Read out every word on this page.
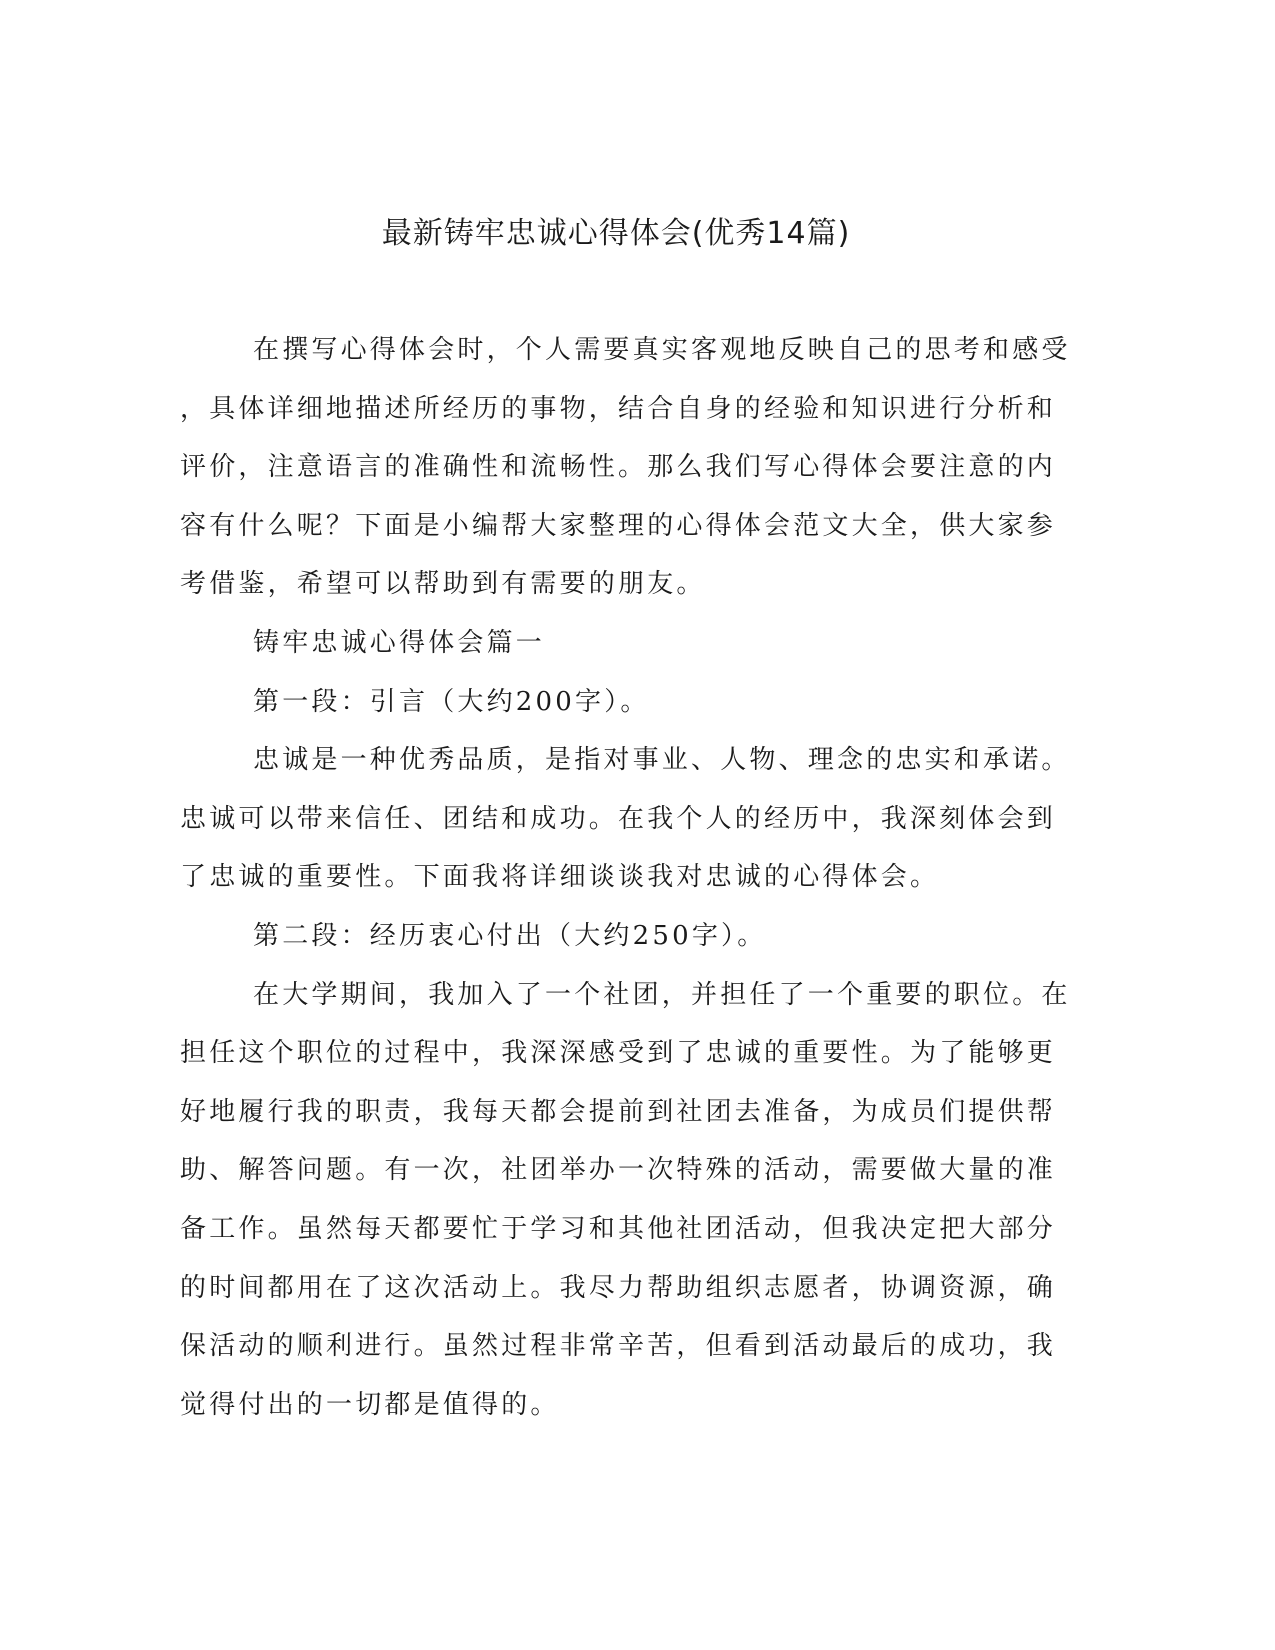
最新铸牢忠诚心得体会(优秀14篇)
在撰写心得体会时，个人需要真实客观地反映自己的思考和感受
，具体详细地描述所经历的事物，结合自身的经验和知识进行分析和
评价，注意语言的准确性和流畅性。那么我们写心得体会要注意的内
容有什么呢？下面是小编帮大家整理的心得体会范文大全，供大家参
考借鉴，希望可以帮助到有需要的朋友。
铸牢忠诚心得体会篇一
第一段：引言（大约200字）。
忠诚是一种优秀品质，是指对事业、人物、理念的忠实和承诺。
忠诚可以带来信任、团结和成功。在我个人的经历中，我深刻体会到
了忠诚的重要性。下面我将详细谈谈我对忠诚的心得体会。
第二段：经历衷心付出（大约250字）。
在大学期间，我加入了一个社团，并担任了一个重要的职位。在
担任这个职位的过程中，我深深感受到了忠诚的重要性。为了能够更
好地履行我的职责，我每天都会提前到社团去准备，为成员们提供帮
助、解答问题。有一次，社团举办一次特殊的活动，需要做大量的准
备工作。虽然每天都要忙于学习和其他社团活动，但我决定把大部分
的时间都用在了这次活动上。我尽力帮助组织志愿者，协调资源，确
保活动的顺利进行。虽然过程非常辛苦，但看到活动最后的成功，我
觉得付出的一切都是值得的。
